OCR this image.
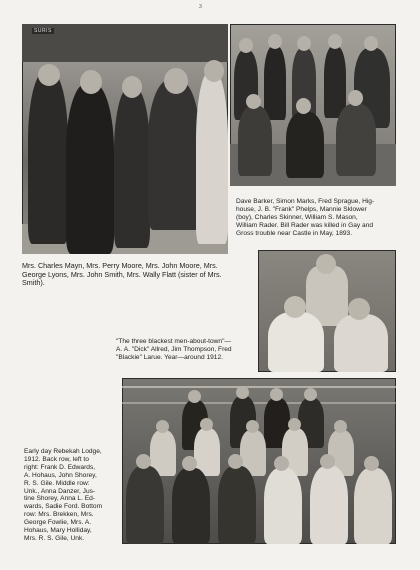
3
SURIS
Mrs. Charles Mayn, Mrs. Perry Moore, Mrs. John Moore, Mrs.
George Lyons, Mrs. John Smith, Mrs. Wally Flatt (sister of Mrs.
Smith).
Dave Barker, Simon Marks, Fred Sprague, Hig-
house, J. B. "Frank" Phelps, Mannie Sklower
(boy), Charles Skinner, William S. Mason,
William Rader. Bill Rader was killed in Gay and
Gross trouble near Castle in May, 1893.
"The three blackest men-about-town"—
A. A. "Dick" Allred, Jim Thompson, Fred
"Blackie" Larue. Year—around 1912.
Early day Rebekah Lodge,
1912. Back row, left to
right: Frank D. Edwards,
A. Hohaus, John Shorey,
R. S. Gile. Middle row:
Unk., Anna Danzer, Jus-
tine Shorey, Anna L. Ed-
wards, Sadie Ford. Bottom
row: Mrs. Brekken, Mrs.
George Fowlie, Mrs. A.
Hohaus, Mary Holliday,
Mrs. R. S. Gile, Unk.
